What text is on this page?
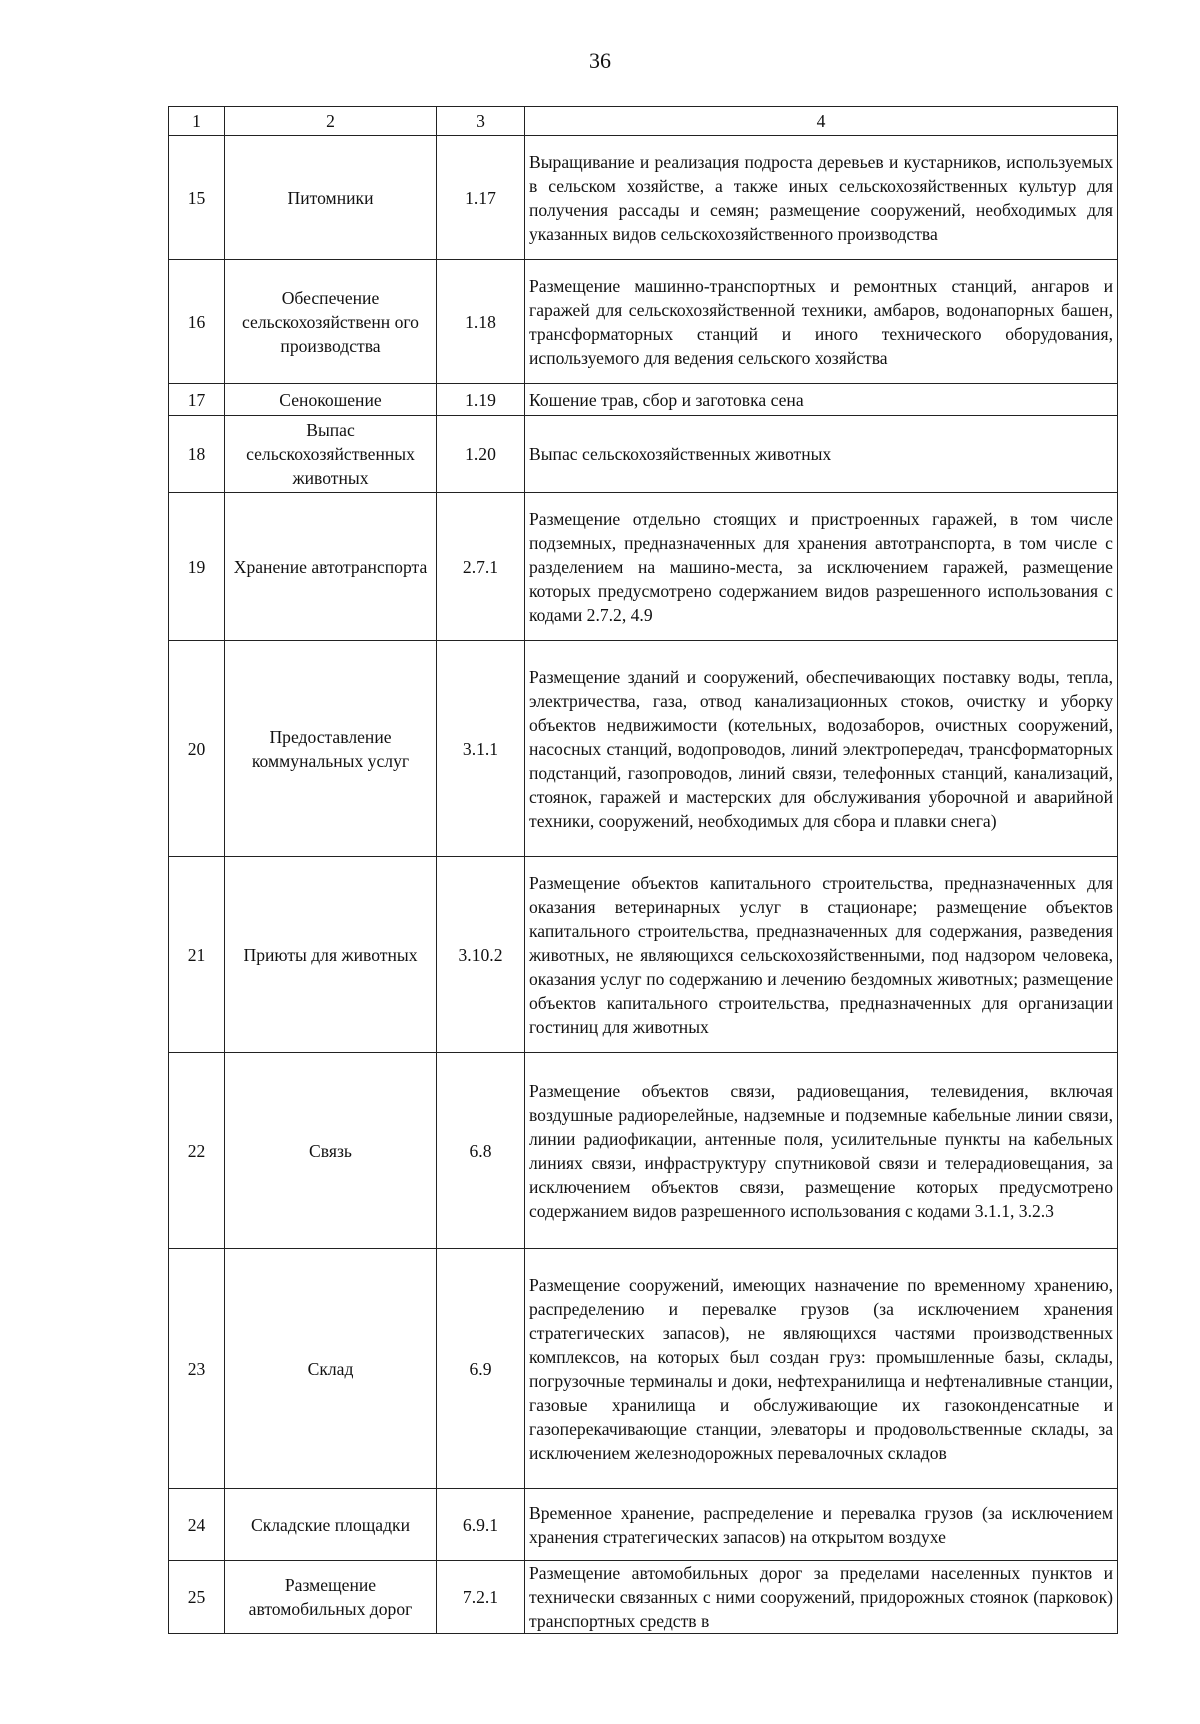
36
1	2	3	4
15	Питомники	1.17	Выращивание и реализация подроста деревьев и кустарников, используемых в сельском хозяйстве, а также иных сельскохозяйственных культур для получения рассады и семян; размещение сооружений, необходимых для указанных видов сельскохозяйственного производства
16	Обеспечение сельскохозяйственн ого производства	1.18	Размещение машинно-транспортных и ремонтных станций, ангаров и гаражей для сельскохозяйственной техники, амбаров, водонапорных башен, трансформаторных станций и иного технического оборудования, используемого для ведения сельского хозяйства
17	Сенокошение	1.19	Кошение трав, сбор и заготовка сена
18	Выпас сельскохозяйственных животных	1.20	Выпас сельскохозяйственных животных
19	Хранение автотранспорта	2.7.1	Размещение отдельно стоящих и пристроенных гаражей, в том числе подземных, предназначенных для хранения автотранспорта, в том числе с разделением на машино-места, за исключением гаражей, размещение которых предусмотрено содержанием видов разрешенного использования с кодами 2.7.2, 4.9
20	Предоставление коммунальных услуг	3.1.1	Размещение зданий и сооружений, обеспечивающих поставку воды, тепла, электричества, газа, отвод канализационных стоков, очистку и уборку объектов недвижимости (котельных, водозаборов, очистных сооружений, насосных станций, водопроводов, линий электропередач, трансформаторных подстанций, газопроводов, линий связи, телефонных станций, канализаций, стоянок, гаражей и мастерских для обслуживания уборочной и аварийной техники, сооружений, необходимых для сбора и плавки снега)
21	Приюты для животных	3.10.2	Размещение объектов капитального строительства, предназначенных для оказания ветеринарных услуг в стационаре; размещение объектов капитального строительства, предназначенных для содержания, разведения животных, не являющихся сельскохозяйственными, под надзором человека, оказания услуг по содержанию и лечению бездомных животных; размещение объектов капитального строительства, предназначенных для организации гостиниц для животных
22	Связь	6.8	Размещение объектов связи, радиовещания, телевидения, включая воздушные радиорелейные, надземные и подземные кабельные линии связи, линии радиофикации, антенные поля, усилительные пункты на кабельных линиях связи, инфраструктуру спутниковой связи и телерадиовещания, за исключением объектов связи, размещение которых предусмотрено содержанием видов разрешенного использования с кодами 3.1.1, 3.2.3
23	Склад	6.9	Размещение сооружений, имеющих назначение по временному хранению, распределению и перевалке грузов (за исключением хранения стратегических запасов), не являющихся частями производственных комплексов, на которых был создан груз: промышленные базы, склады, погрузочные терминалы и доки, нефтехранилища и нефтеналивные станции, газовые хранилища и обслуживающие их газоконденсатные и газоперекачивающие станции, элеваторы и продовольственные склады, за исключением железнодорожных перевалочных складов
24	Складские площадки	6.9.1	Временное хранение, распределение и перевалка грузов (за исключением хранения стратегических запасов) на открытом воздухе
25	Размещение автомобильных дорог	7.2.1	Размещение автомобильных дорог за пределами населенных пунктов и технически связанных с ними сооружений, придорожных стоянок (парковок) транспортных средств в
